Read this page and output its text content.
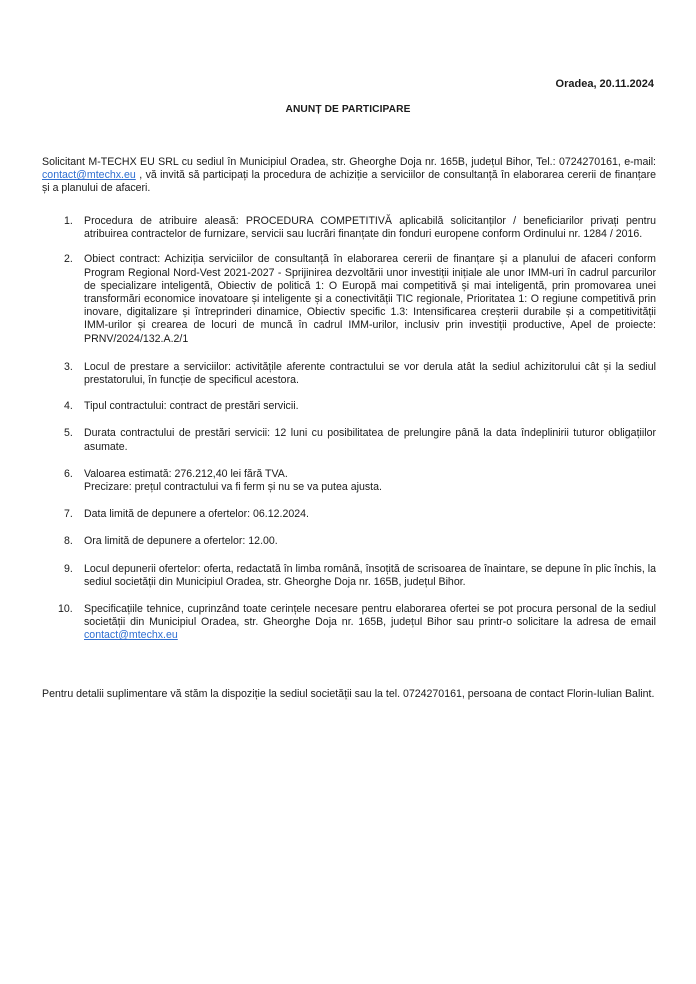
Oradea, 20.11.2024
ANUNȚ DE PARTICIPARE
Solicitant M-TECHX EU SRL cu sediul în Municipiul Oradea, str. Gheorghe Doja nr. 165B, județul Bihor, Tel.: 0724270161, e-mail: contact@mtechx.eu , vă invită să participați la procedura de achiziție a serviciilor de consultanță în elaborarea cererii de finanțare și a planului de afaceri.
1.	Procedura de atribuire aleasă: PROCEDURA COMPETITIVĂ aplicabilă solicitanților / beneficiarilor privați pentru atribuirea contractelor de furnizare, servicii sau lucrări finanțate din fonduri europene conform Ordinului nr. 1284 / 2016.
2.	Obiect contract: Achiziția serviciilor de consultanță în elaborarea cererii de finanțare și a planului de afaceri conform Program Regional Nord-Vest 2021-2027 - Sprijinirea dezvoltării unor investiții inițiale ale unor IMM-uri în cadrul parcurilor de specializare inteligentă, Obiectiv de politică 1: O Europă mai competitivă și mai inteligentă, prin promovarea unei transformări economice inovatoare și inteligente și a conectivității TIC regionale, Prioritatea 1: O regiune competitivă prin inovare, digitalizare și întreprinderi dinamice, Obiectiv specific 1.3: Intensificarea creșterii durabile și a competitivității IMM-urilor și crearea de locuri de muncă în cadrul IMM-urilor, inclusiv prin investiții productive, Apel de proiecte: PRNV/2024/132.A.2/1
3.	Locul de prestare a serviciilor: activitățile aferente contractului se vor derula atât la sediul achizitorului cât și la sediul prestatorului, în funcție de specificul acestora.
4.	Tipul contractului: contract de prestări servicii.
5.	Durata contractului de prestări servicii: 12 luni cu posibilitatea de prelungire până la data îndeplinirii tuturor obligațiilor asumate.
6.	Valoarea estimată: 276.212,40 lei fără TVA.
Precizare: prețul contractului va fi ferm și nu se va putea ajusta.
7.	Data limită de depunere a ofertelor: 06.12.2024.
8.	Ora limită de depunere a ofertelor: 12.00.
9.	Locul depunerii ofertelor: oferta, redactată în limba română, însoțită de scrisoarea de înaintare, se depune în plic închis, la sediul societății din Municipiul Oradea, str. Gheorghe Doja nr. 165B, județul Bihor.
10.	Specificațiile tehnice, cuprinzând toate cerințele necesare pentru elaborarea ofertei se pot procura personal de la sediul societății din Municipiul Oradea, str. Gheorghe Doja nr. 165B, județul Bihor sau printr-o solicitare la adresa de email contact@mtechx.eu
Pentru detalii suplimentare vă stăm la dispoziție la sediul societății sau la tel. 0724270161, persoana de contact Florin-Iulian Balint.
